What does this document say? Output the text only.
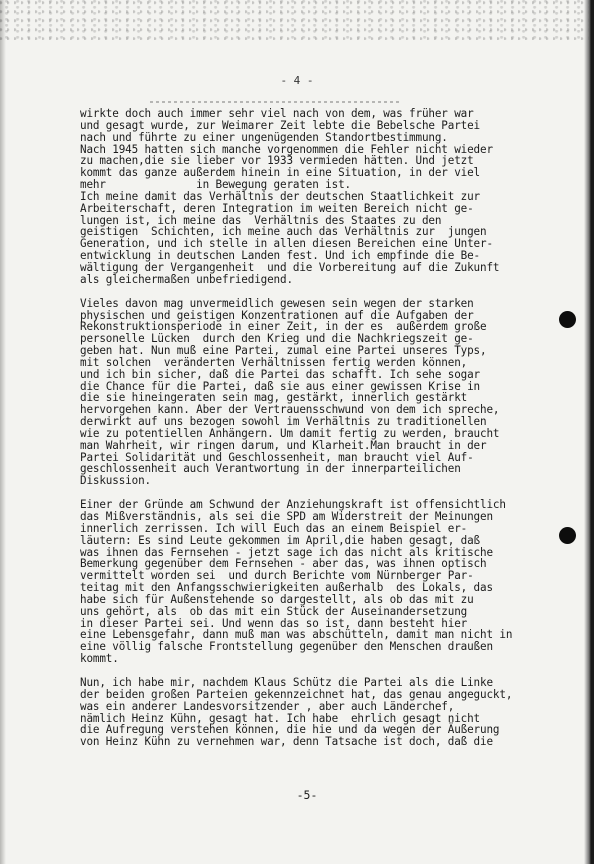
- 4 -
wirkte doch auch immer sehr viel nach von dem, was früher war
und gesagt wurde, zur Weimarer Zeit lebte die Bebelsche Partei
nach und führte zu einer ungenügenden Standortbestimmung.
Nach 1945 hatten sich manche vorgenommen die Fehler nicht wieder
zu machen,die sie lieber vor 1933 vermieden hätten. Und jetzt
kommt das ganze außerdem hinein in eine Situation, in der viel
mehr              in Bewegung geraten ist.
Ich meine damit das Verhältnis der deutschen Staatlichkeit zur
Arbeiterschaft, deren Integration im weiten Bereich nicht ge-
lungen ist, ich meine das  Verhältnis des Staates zu den
geistigen  Schichten, ich meine auch das Verhältnis zur  jungen
Generation, und ich stelle in allen diesen Bereichen eine Unter-
entwicklung in deutschen Landen fest. Und ich empfinde die Be-
wältigung der Vergangenheit  und die Vorbereitung auf die Zukunft
als gleichermaßen unbefriedigend.
Vieles davon mag unvermeidlich gewesen sein wegen der starken
physischen und geistigen Konzentrationen auf die Aufgaben der
Rekonstruktionsperiode in einer Zeit, in der es  außerdem große
personelle Lücken  durch den Krieg und die Nachkriegszeit ge-
geben hat. Nun muß eine Partei, zumal eine Partei unseres Typs,
mit solchen  veränderten Verhältnissen fertig werden können,
und ich bin sicher, daß die Partei das schafft. Ich sehe sogar
die Chance für die Partei, daß sie aus einer gewissen Krise in
die sie hineingeraten sein mag, gestärkt, innerlich gestärkt
hervorgehen kann. Aber der Vertrauensschwund von dem ich spreche,
derwirkt auf uns bezogen sowohl im Verhältnis zu traditionellen
wie zu potentiellen Anhängern. Um damit fertig zu werden, braucht
man Wahrheit, wir ringen darum, und Klarheit.Man braucht in der
Partei Solidarität und Geschlossenheit, man braucht viel Auf-
geschlossenheit auch Verantwortung in der innerparteilichen
Diskussion.
Einer der Gründe am Schwund der Anziehungskraft ist offensichtlich
das Mißverständnis, als sei die SPD am Widerstreit der Meinungen
innerlich zerrissen. Ich will Euch das an einem Beispiel er-
läutern: Es sind Leute gekommen im April,die haben gesagt, daß
was ihnen das Fernsehen - jetzt sage ich das nicht als kritische
Bemerkung gegenüber dem Fernsehen - aber das, was ihnen optisch
vermittelt worden sei  und durch Berichte vom Nürnberger Par-
teitag mit den Anfangsschwierigkeiten außerhalb  des Lokals, das
habe sich für Außenstehende so dargestellt, als ob das mit zu
uns gehört, als  ob das mit ein Stück der Auseinandersetzung
in dieser Partei sei. Und wenn das so ist, dann besteht hier
eine Lebensgefahr, dann muß man was abschütteln, damit man nicht in
eine völlig falsche Frontstellung gegenüber den Menschen draußen
kommt.
Nun, ich habe mir, nachdem Klaus Schütz die Partei als die Linke
der beiden großen Parteien gekennzeichnet hat, das genau angeguckt,
was ein anderer Landesvorsitzender , aber auch Länderchef,
nämlich Heinz Kühn, gesagt hat. Ich habe  ehrlich gesagt nicht
die Aufregung verstehen können, die hie und da wegen der Äußerung
von Heinz Kühn zu vernehmen war, denn Tatsache ist doch, daß die
-5-
